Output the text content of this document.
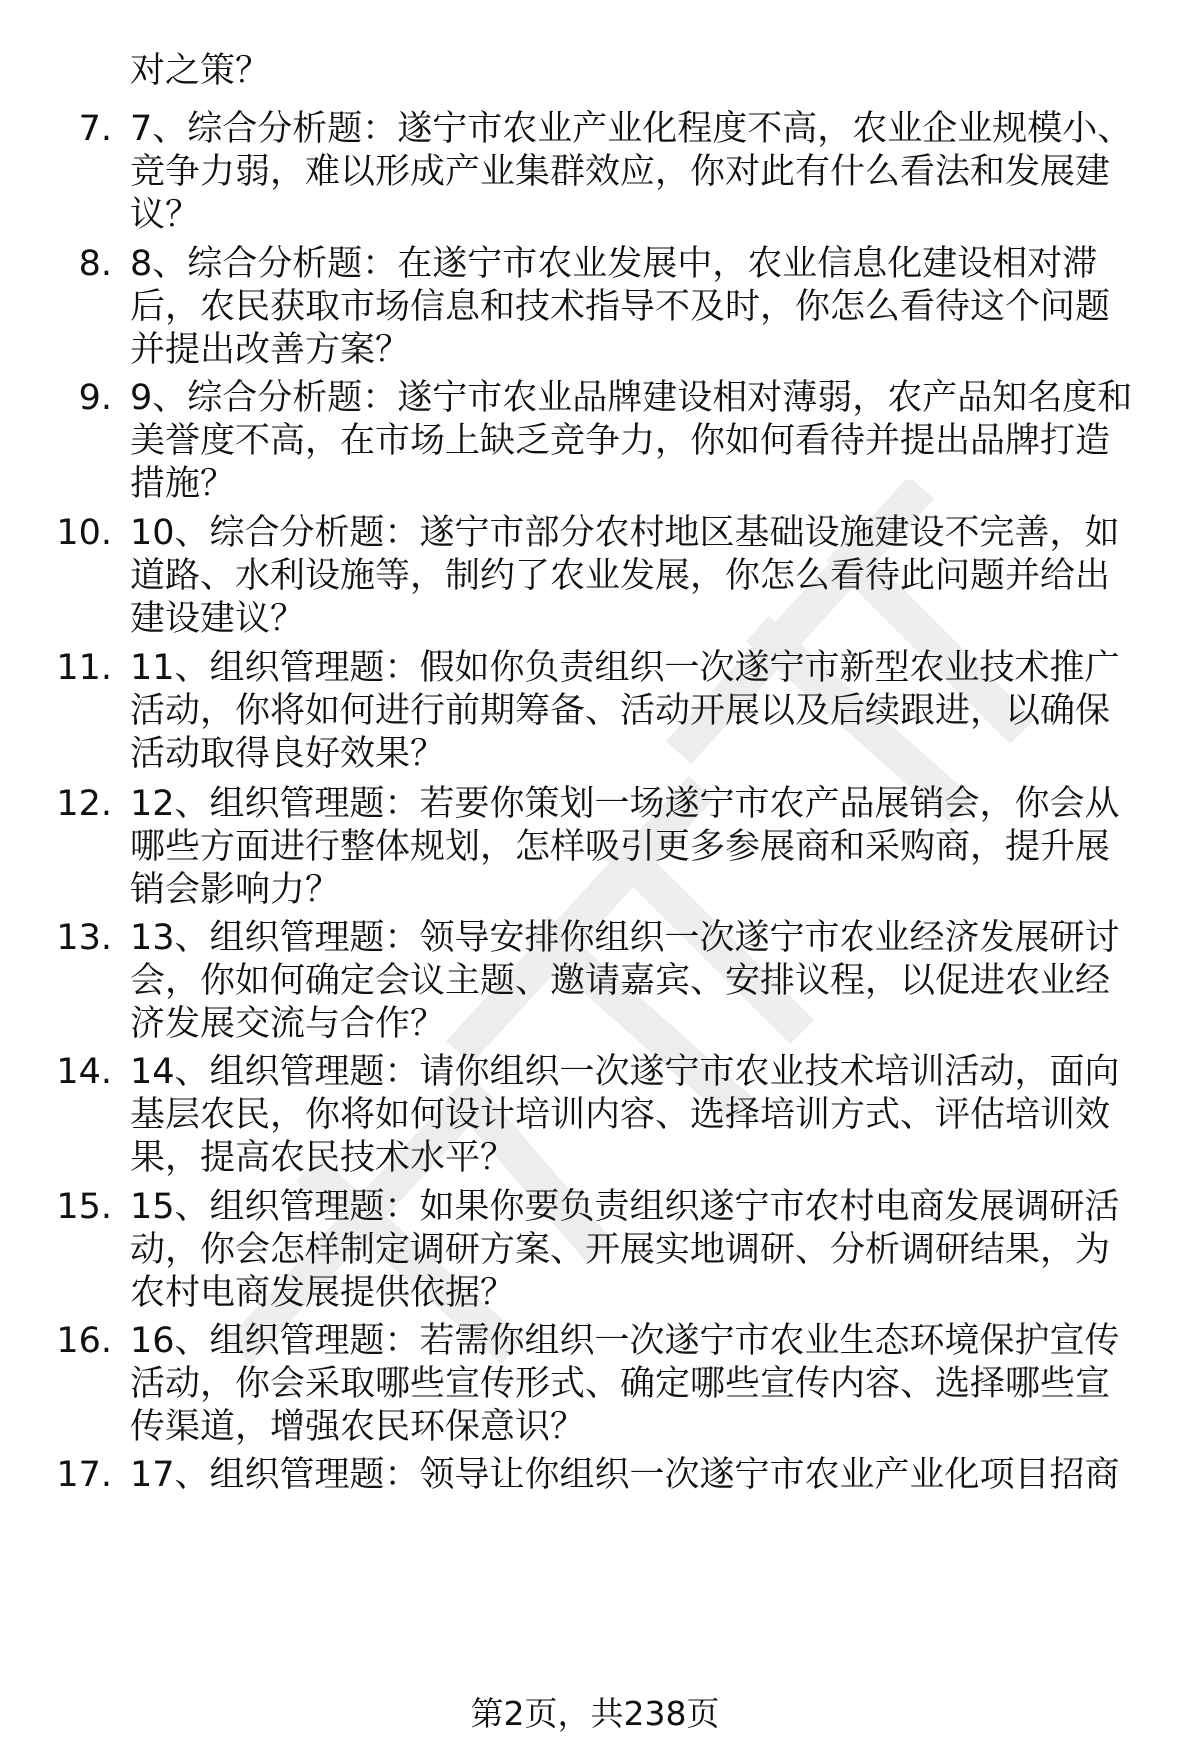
对之策？
7. 7、综合分析题：遂宁市农业产业化程度不高，农业企业规模小、
竞争力弱，难以形成产业集群效应，你对此有什么看法和发展建
议？
8. 8、综合分析题：在遂宁市农业发展中，农业信息化建设相对滞
后，农民获取市场信息和技术指导不及时，你怎么看待这个问题
并提出改善方案？
9. 9、综合分析题：遂宁市农业品牌建设相对薄弱，农产品知名度和
美誉度不高，在市场上缺乏竞争力，你如何看待并提出品牌打造
措施？
10. 10、综合分析题：遂宁市部分农村地区基础设施建设不完善，如
道路、水利设施等，制约了农业发展，你怎么看待此问题并给出
建设建议？
11. 11、组织管理题：假如你负责组织一次遂宁市新型农业技术推广
活动，你将如何进行前期筹备、活动开展以及后续跟进，以确保
活动取得良好效果？
12. 12、组织管理题：若要你策划一场遂宁市农产品展销会，你会从
哪些方面进行整体规划，怎样吸引更多参展商和采购商，提升展
销会影响力？
13. 13、组织管理题：领导安排你组织一次遂宁市农业经济发展研讨
会，你如何确定会议主题、邀请嘉宾、安排议程，以促进农业经
济发展交流与合作？
14. 14、组织管理题：请你组织一次遂宁市农业技术培训活动，面向
基层农民，你将如何设计培训内容、选择培训方式、评估培训效
果，提高农民技术水平？
15. 15、组织管理题：如果你要负责组织遂宁市农村电商发展调研活
动，你会怎样制定调研方案、开展实地调研、分析调研结果，为
农村电商发展提供依据？
16. 16、组织管理题：若需你组织一次遂宁市农业生态环境保护宣传
活动，你会采取哪些宣传形式、确定哪些宣传内容、选择哪些宣
传渠道，增强农民环保意识？
17. 17、组织管理题：领导让你组织一次遂宁市农业产业化项目招商
第2页，共238页
